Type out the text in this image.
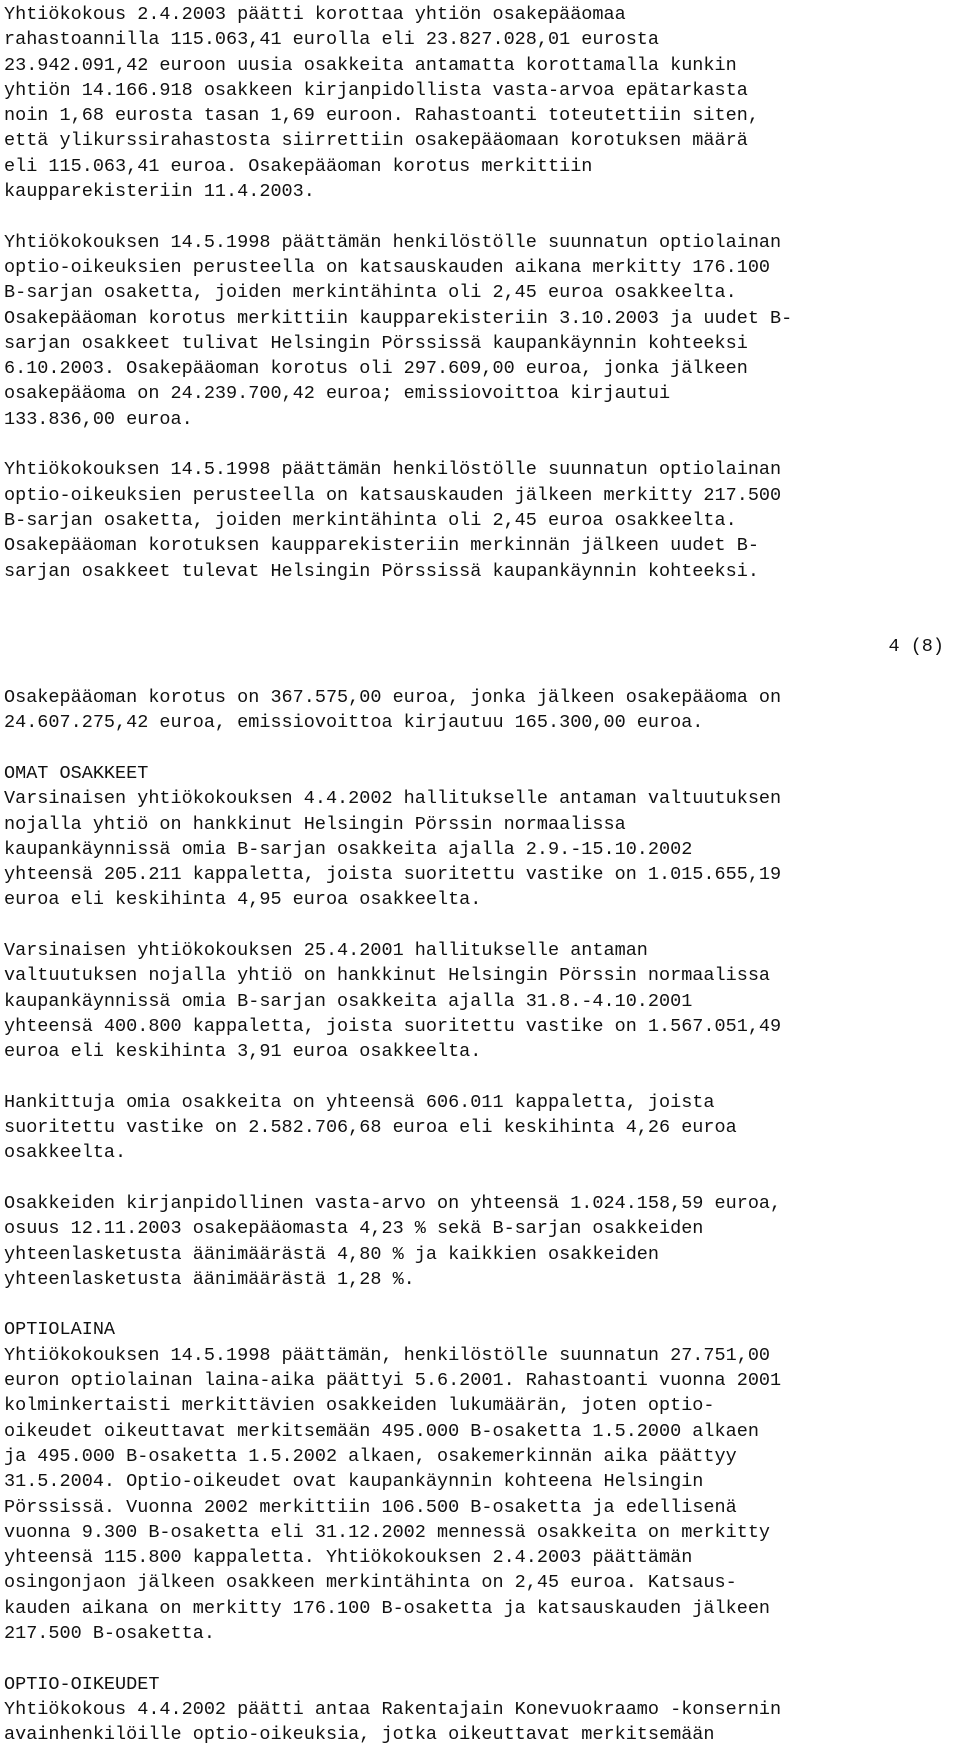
Yhtiökokous 2.4.2003 päätti korottaa yhtiön osakepääomaa

rahastoannilla 115.063,41 eurolla eli 23.827.028,01 eurosta

23.942.091,42 euroon uusia osakkeita antamatta korottamalla kunkin

yhtiön 14.166.918 osakkeen kirjanpidollista vasta-arvoa epätarkasta

noin 1,68 eurosta tasan 1,69 euroon. Rahastoanti toteutettiin siten,

että ylikurssirahastosta siirrettiin osakepääomaan korotuksen määrä

eli 115.063,41 euroa. Osakepääoman korotus merkittiin

kaupparekisteriin 11.4.2003.

Yhtiökokouksen 14.5.1998 päättämän henkilöstölle suunnatun optiolainan

optio-oikeuksien perusteella on katsauskauden aikana merkitty 176.100

B-sarjan osaketta, joiden merkintähinta oli 2,45 euroa osakkeelta.

Osakepääoman korotus merkittiin kaupparekisteriin 3.10.2003 ja uudet B-

sarjan osakkeet tulivat Helsingin Pörssissä kaupankäynnin kohteeksi

6.10.2003. Osakepääoman korotus oli 297.609,00 euroa, jonka jälkeen

osakepääoma on 24.239.700,42 euroa; emissiovoittoa kirjautui

133.836,00 euroa.

Yhtiökokouksen 14.5.1998 päättämän henkilöstölle suunnatun optiolainan

optio-oikeuksien perusteella on katsauskauden jälkeen merkitty 217.500

B-sarjan osaketta, joiden merkintähinta oli 2,45 euroa osakkeelta.

Osakepääoman korotuksen kaupparekisteriin merkinnän jälkeen uudet B-

sarjan osakkeet tulevat Helsingin Pörssissä kaupankäynnin kohteeksi.

4 (8)

Osakepääoman korotus on 367.575,00 euroa, jonka jälkeen osakepääoma on

24.607.275,42 euroa, emissiovoittoa kirjautuu 165.300,00 euroa.

OMAT OSAKKEET

Varsinaisen yhtiökokouksen 4.4.2002 hallitukselle antaman valtuutuksen

nojalla yhtiö on hankkinut Helsingin Pörssin normaalissa

kaupankäynnissä omia B-sarjan osakkeita ajalla 2.9.-15.10.2002

yhteensä 205.211 kappaletta, joista suoritettu vastike on 1.015.655,19

euroa eli keskihinta 4,95 euroa osakkeelta.

Varsinaisen yhtiökokouksen 25.4.2001 hallitukselle antaman

valtuutuksen nojalla yhtiö on hankkinut Helsingin Pörssin normaalissa

kaupankäynnissä omia B-sarjan osakkeita ajalla 31.8.-4.10.2001

yhteensä 400.800 kappaletta, joista suoritettu vastike on 1.567.051,49

euroa eli keskihinta 3,91 euroa osakkeelta.

Hankittuja omia osakkeita on yhteensä 606.011 kappaletta, joista

suoritettu vastike on 2.582.706,68 euroa eli keskihinta 4,26 euroa

osakkeelta.

Osakkeiden kirjanpidollinen vasta-arvo on yhteensä 1.024.158,59 euroa,

osuus 12.11.2003 osakepääomasta 4,23 % sekä B-sarjan osakkeiden

yhteenlasketusta äänimäärästä 4,80 % ja kaikkien osakkeiden

yhteenlasketusta äänimäärästä 1,28 %.

OPTIOLAINA

Yhtiökokouksen 14.5.1998 päättämän, henkilöstölle suunnatun 27.751,00

euron optiolainan laina-aika päättyi 5.6.2001. Rahastoanti vuonna 2001

kolminkertaisti merkittävien osakkeiden lukumäärän, joten optio-

oikeudet oikeuttavat merkitsemään 495.000 B-osaketta 1.5.2000 alkaen

ja 495.000 B-osaketta 1.5.2002 alkaen, osakemerkinnän aika päättyy

31.5.2004. Optio-oikeudet ovat kaupankäynnin kohteena Helsingin

Pörssissä. Vuonna 2002 merkittiin 106.500 B-osaketta ja edellisenä

vuonna 9.300 B-osaketta eli 31.12.2002 mennessä osakkeita on merkitty

yhteensä 115.800 kappaletta. Yhtiökokouksen 2.4.2003 päättämän

osingonjaon jälkeen osakkeen merkintähinta on 2,45 euroa. Katsaus-

kauden aikana on merkitty 176.100 B-osaketta ja katsauskauden jälkeen

217.500 B-osaketta.

OPTIO-OIKEUDET

Yhtiökokous 4.4.2002 päätti antaa Rakentajain Konevuokraamo -konsernin

avainhenkilöille optio-oikeuksia, jotka oikeuttavat merkitsemään
